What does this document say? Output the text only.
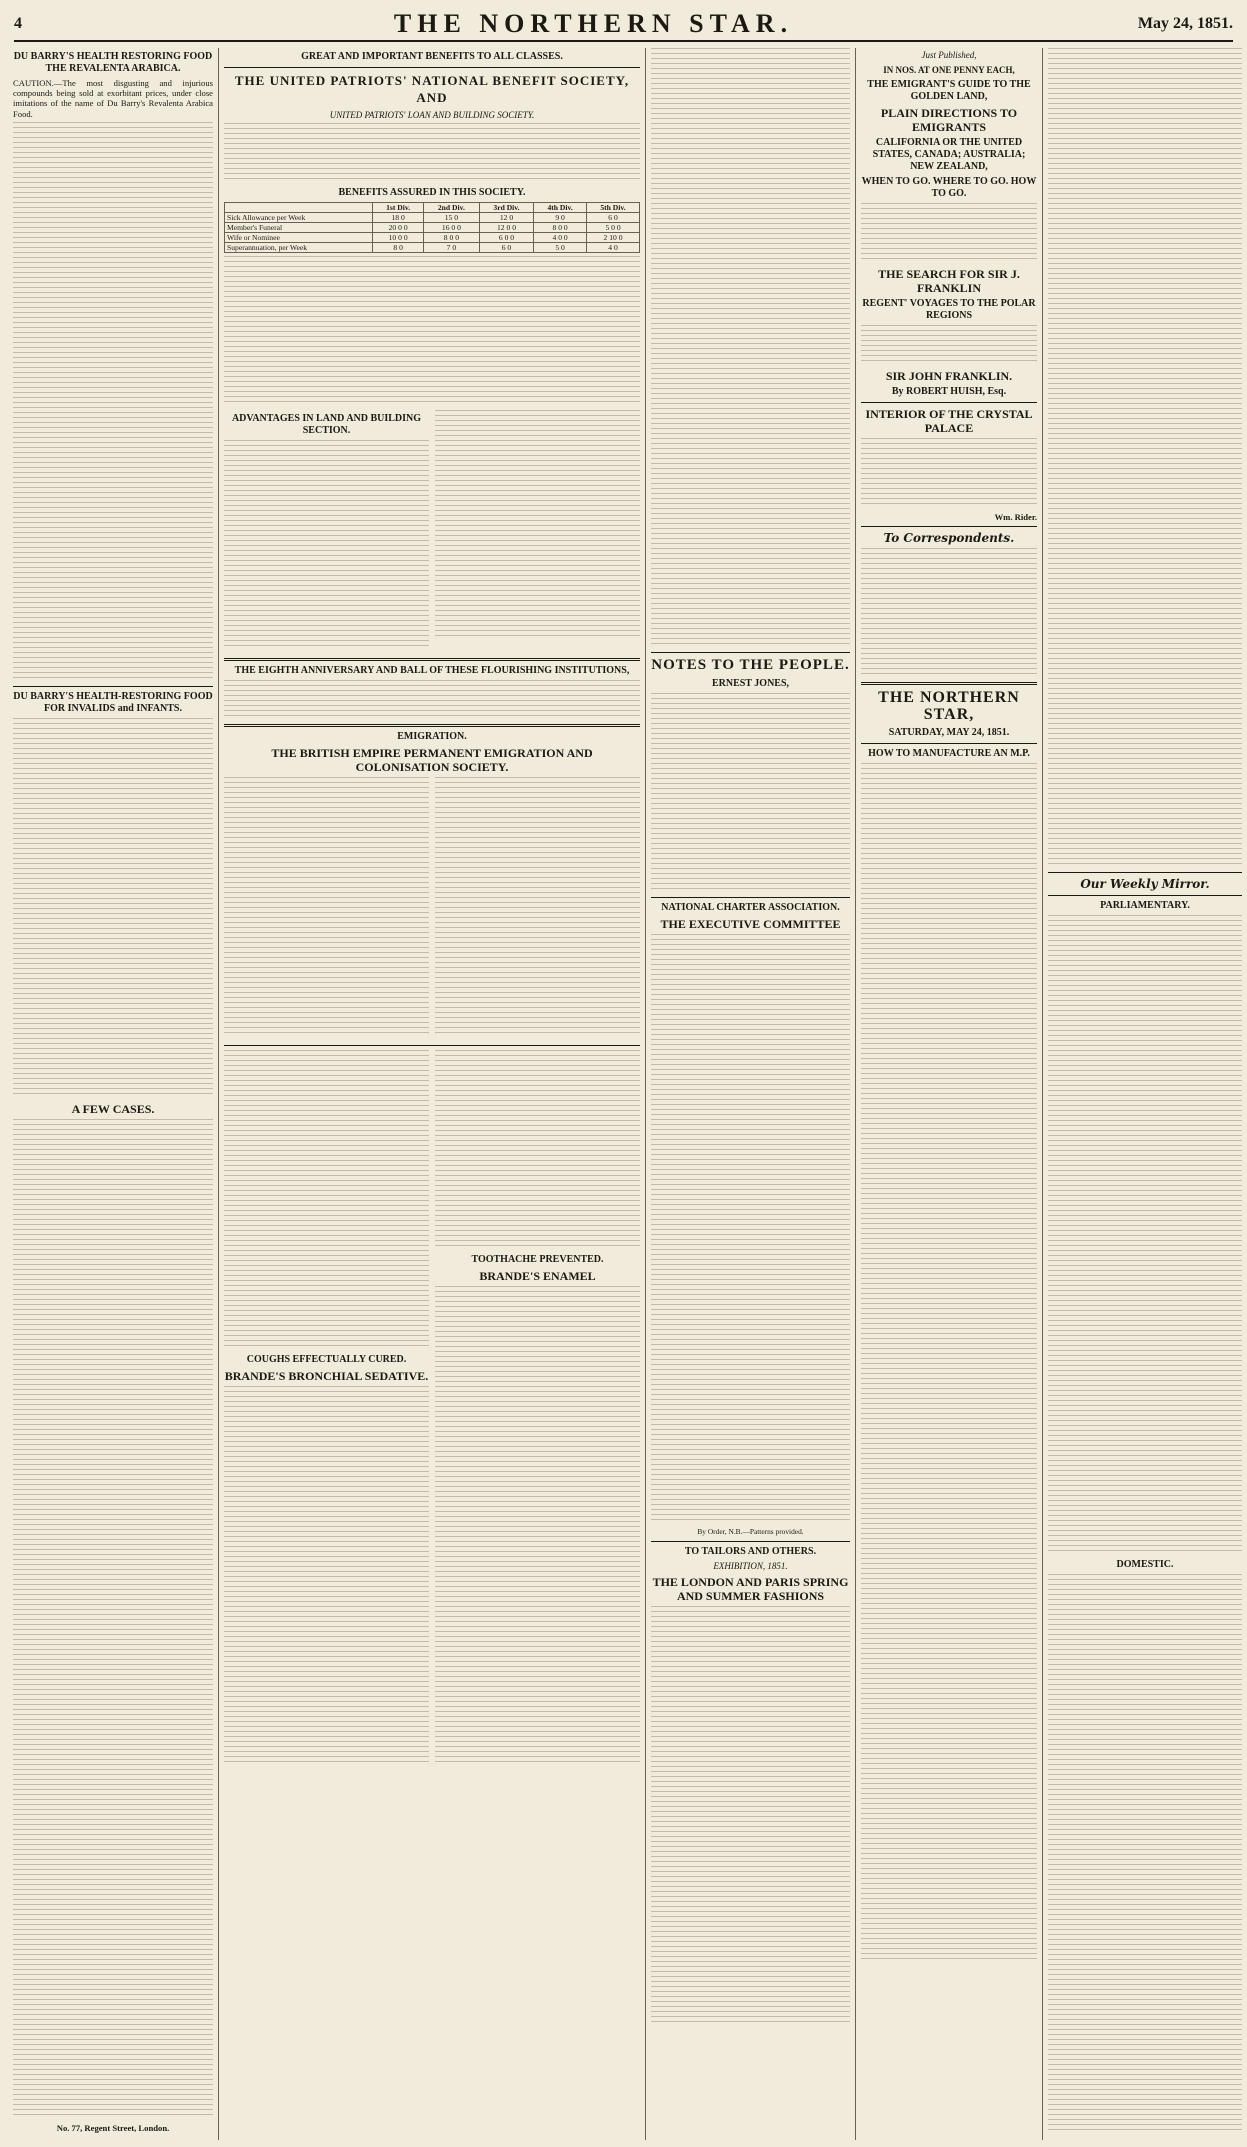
4	THE NORTHERN STAR.	May 24, 1851.
DU BARRY'S HEALTH RESTORING FOOD THE REVALENTA ARABICA.

CAUTION.—The most disgusting and injurious compounds being sold at exorbitant prices, under close imitations of the name of Du Barry's Revalenta Arabica Food.

DU BARRY'S HEALTH-RESTORING FOOD FOR INVALIDS and INFANTS.
A FEW CASES.

No. 77, Regent Street, London.

GREAT AND IMPORTANT BENEFITS TO ALL CLASSES.
THE UNITED PATRIOTS' NATIONAL BENEFIT SOCIETY, AND
UNITED PATRIOTS' LOAN AND BUILDING SOCIETY.
BENEFITS ASSURED IN THIS SOCIETY.
	1st Div.	2nd Div.	3rd Div.	4th Div.	5th Div.
Sick Allowance per Week	18 0	15 0	12 0	9 0	6 0
Member's Funeral	20 0 0	16 0 0	12 0 0	8 0 0	5 0 0
Wife or Nominee	10 0 0	8 0 0	6 0 0	4 0 0	2 10 0
Superannuation, per Week	8 0	7 0	6 0	5 0	4 0
ADVANTAGES IN LAND AND BUILDING SECTION.
THE EIGHTH ANNIVERSARY AND BALL OF THESE FLOURISHING INSTITUTIONS,
EMIGRATION.
THE BRITISH EMPIRE PERMANENT EMIGRATION AND COLONISATION SOCIETY.
COUGHS EFFECTUALLY CURED.
BRANDE'S BRONCHIAL SEDATIVE.
TOOTHACHE PREVENTED.
BRANDE'S ENAMEL
NOTES TO THE PEOPLE.
ERNEST JONES,
NATIONAL CHARTER ASSOCIATION.
THE EXECUTIVE COMMITTEE

By Order, N.B.—Patterns provided.

TO TAILORS AND OTHERS.
EXHIBITION, 1851.
THE LONDON AND PARIS SPRING AND SUMMER FASHIONS
Just Published,
IN NOS. AT ONE PENNY EACH,
THE EMIGRANT'S GUIDE TO THE GOLDEN LAND,
PLAIN DIRECTIONS TO EMIGRANTS
CALIFORNIA OR THE UNITED STATES, CANADA; AUSTRALIA; NEW ZEALAND,
WHEN TO GO. WHERE TO GO. HOW TO GO.
THE SEARCH FOR SIR J. FRANKLIN
REGENT' VOYAGES TO THE POLAR REGIONS
SIR JOHN FRANKLIN.
By ROBERT HUISH, Esq.
INTERIOR OF THE CRYSTAL PALACE

Wm. Rider.

To Correspondents.
THE NORTHERN STAR,
SATURDAY, MAY 24, 1851.
HOW TO MANUFACTURE AN M.P.
Our Weekly Mirror.
PARLIAMENTARY.
DOMESTIC.
